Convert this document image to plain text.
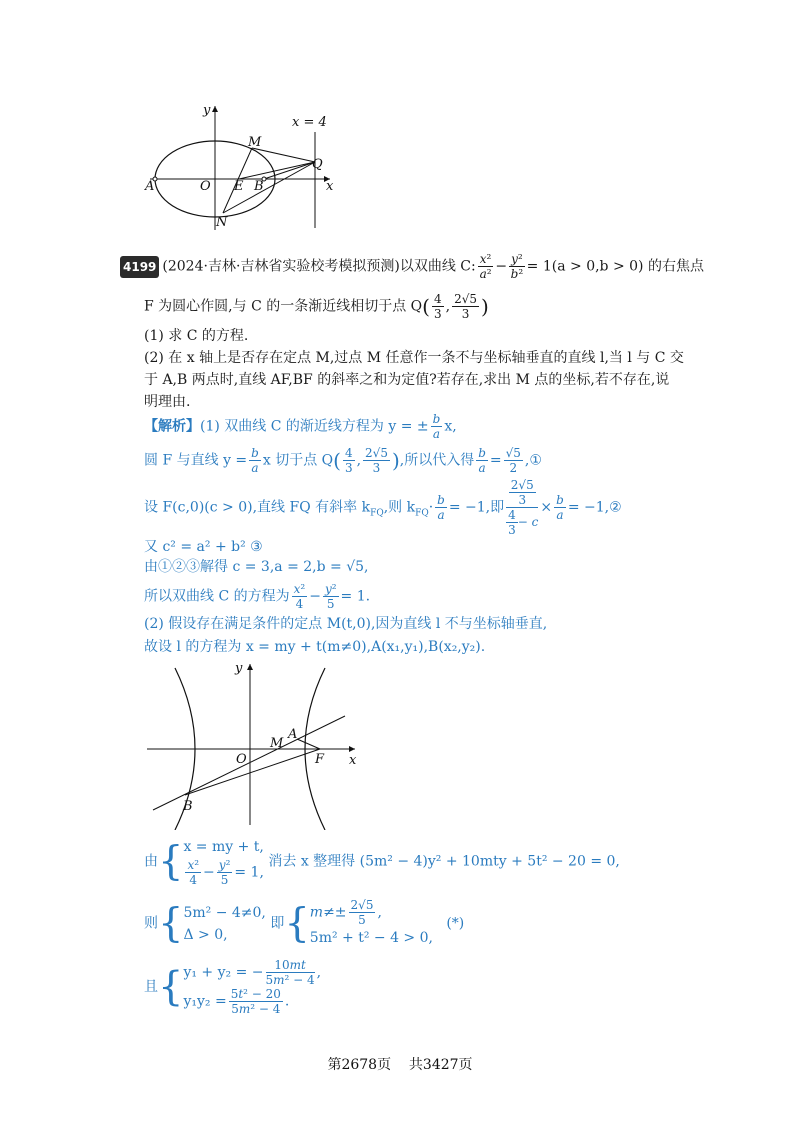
y
x
x = 4
M
Q
A	O E B
N
4199 (2024·吉林·吉林省实验校考模拟预测)以双曲线 C: $\frac{\text{x²}}{\text{a²}} - \frac{\text{y²}}{\text{b²}} = 1(a > 0,b > 0)$ 的右焦点
F 为圆心作圆,与 C 的一条渐近线相切于点 $Q( \frac{4}{3}$ , $\frac{2√5}{3}$ )
(1) 求 C 的方程.
(2) 在 x 轴上是否存在定点 M,过点 M 任意作一条不与坐标轴垂直的直线 l,当 l 与 C 交
于 A,B 两点时,直线 AF,BF 的斜率之和为定值?若存在,求出 M 点的坐标,若不存在,说
明理由.
【解析】(1) 双曲线 C 的渐近线方程为 y = ± $\frac{b}{a} x$,
圆 F 与直线 $y = \frac{b}{a}$ x 切于点 $Q( \frac{4}{3}$ , $\frac{2√5}{3}$ ),所以代入得 $\frac{b}{a} = \frac{√5}{2}$ ,①
设 F(c,0)(c > 0),直线 FQ 有斜率 $k_{FQ}$,则 $k_{FQ}\cdot \frac{b}{a} = -1$,即 $\frac{\frac{2√5}{3}}{\frac{4}{3} - c} \times \frac{b}{a}$ = −1,②
又 c² = a² + b² ③
由①②③解得 c = 3,a = 2,b = √5,
所以双曲线 C 的方程为 $\frac{\text{x²}}{4} - \frac{\text{y²}}{5} = 1$.
(2) 假设存在满足条件的定点 M(t,0),因为直线 l 不与坐标轴垂直,
故设 l 的方程为 x = my + t(m≠0),A(x₁,y₁),B(x₂,y₂).
y
x
O
M
A
F
B
由{ x = my + t,
$\frac{\text{x²}}{4} - \frac{\text{y²}}{5} = 1$,
消去 x 整理得 (5m² − 4)y² + 10mty + 5t² − 20 = 0,
则{ 5m² − 4≠0,
Δ > 0,
即{ $m\ne\pm \frac{2√5}{5}$ ,
5m² + t² − 4 > 0,
(*)
且{ y₁ + y₂ = − $\frac{10mt}{\text{5m² − 4}}$ ,
$y_1y_2 = \frac{\text{5t² − 20}}{\text{5m² − 4}}$ .
第2678页 共3427页
